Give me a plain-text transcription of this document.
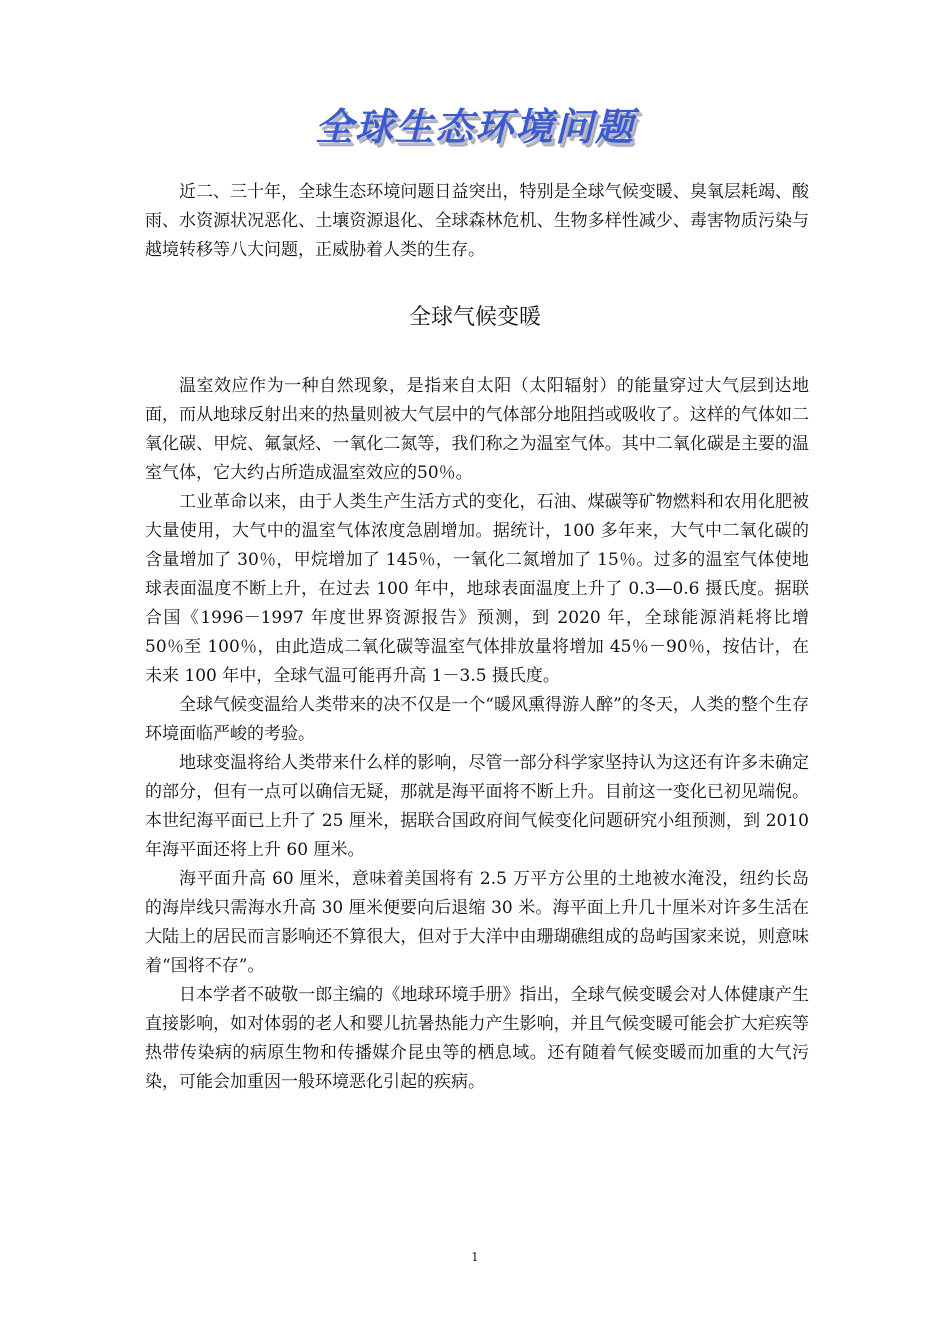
全球生态环境问题

近二、三十年，全球生态环境问题日益突出，特别是全球气候变暖、臭氧层耗竭、酸雨、水资源状况恶化、土壤资源退化、全球森林危机、生物多样性减少、毒害物质污染与越境转移等八大问题，正威胁着人类的生存。

全球气候变暖

温室效应作为一种自然现象，是指来自太阳（太阳辐射）的能量穿过大气层到达地面，而从地球反射出来的热量则被大气层中的气体部分地阻挡或吸收了。这样的气体如二氧化碳、甲烷、氟氯烃、一氧化二氮等，我们称之为温室气体。其中二氧化碳是主要的温室气体，它大约占所造成温室效应的50％。

工业革命以来，由于人类生产生活方式的变化，石油、煤碳等矿物燃料和农用化肥被大量使用，大气中的温室气体浓度急剧增加。据统计，100 多年来，大气中二氧化碳的含量增加了 30％，甲烷增加了 145％，一氧化二氮增加了 15％。过多的温室气体使地球表面温度不断上升，在过去 100 年中，地球表面温度上升了 0.3—0.6 摄氏度。据联合国《1996－1997 年度世界资源报告》预测，到 2020 年，全球能源消耗将比增 50％至 100％，由此造成二氧化碳等温室气体排放量将增加 45％－90％，按估计，在未来 100 年中，全球气温可能再升高 1－3.5 摄氏度。

全球气候变温给人类带来的决不仅是一个“暖风熏得游人醉”的冬天，人类的整个生存环境面临严峻的考验。

地球变温将给人类带来什么样的影响，尽管一部分科学家坚持认为这还有许多未确定的部分，但有一点可以确信无疑，那就是海平面将不断上升。目前这一变化已初见端倪。本世纪海平面已上升了 25 厘米，据联合国政府间气候变化问题研究小组预测，到 2010 年海平面还将上升 60 厘米。

海平面升高 60 厘米，意味着美国将有 2.5 万平方公里的土地被水淹没，纽约长岛的海岸线只需海水升高 30 厘米便要向后退缩 30 米。海平面上升几十厘米对许多生活在大陆上的居民而言影响还不算很大，但对于大洋中由珊瑚礁组成的岛屿国家来说，则意味着“国将不存”。

日本学者不破敬一郎主编的《地球环境手册》指出，全球气候变暖会对人体健康产生直接影响，如对体弱的老人和婴儿抗暑热能力产生影响，并且气候变暖可能会扩大疟疾等热带传染病的病原生物和传播媒介昆虫等的栖息域。还有随着气候变暖而加重的大气污染，可能会加重因一般环境恶化引起的疾病。

1
